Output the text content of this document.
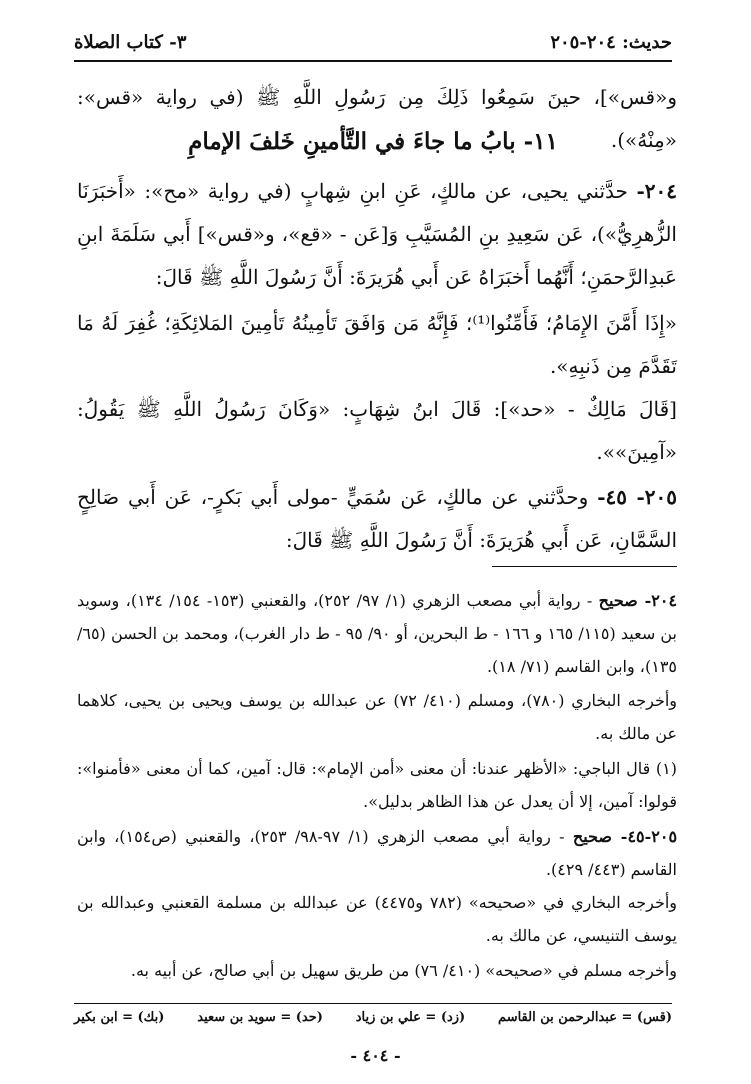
حديث: ٢٠٤-٢٠٥
٣- كتاب الصلاة
و«قس»]، حينَ سَمِعُوا ذَلِكَ مِن رَسُولِ اللَّهِ ﷺ (في رواية «قس»: «مِنْهُ»).
١١- بابُ ما جاءَ في التَّأمينِ خَلفَ الإمامِ
٢٠٤- حدَّثني يحيى، عن مالكٍ، عَنِ ابنِ شِهابٍ (في رواية «مح»: «أَخبَرَنَا الزُّهرِيُّ»)، عَن سَعِيدِ بنِ المُسَيَّبِ وَ[عَن - «قع»، و«قس»] أَبي سَلَمَةَ ابنِ عَبدِالرَّحمَنِ؛ أَنَّهُما أَخبَرَاهُ عَن أَبي هُرَيرَةَ: أَنَّ رَسُولَ اللَّهِ ﷺ قَالَ:
«إِذَا أَمَّنَ الإِمَامُ؛ فَأَمِّنُوا⁽¹⁾؛ فَإِنَّهُ مَن وَافَقَ تَأمِينُهُ تَأمِينَ المَلائِكَةِ؛ غُفِرَ لَهُ مَا تَقَدَّمَ مِن ذَنبِهِ».
[قَالَ مَالِكٌ - «حد»]: قَالَ ابنُ شِهَابٍ: «وَكَانَ رَسُولُ اللَّهِ ﷺ يَقُولُ: «آمِينَ»».
٢٠٥- ٤٥- وحدَّثني عن مالكٍ، عَن سُمَيٍّ -مولى أَبي بَكرٍ-، عَن أَبي صَالِحٍ السَّمَّانِ، عَن أَبي هُرَيرَةَ: أَنَّ رَسُولَ اللَّهِ ﷺ قَالَ:
٢٠٤- صحيح - رواية أبي مصعب الزهري (١/ ٩٧/ ٢٥٢)، والقعنبي (١٥٣- ١٥٤/ ١٣٤)، وسويد بن سعيد (١١٥/ ١٦٥ و ١٦٦ - ط البحرين، أو ٩٠/ ٩٥ - ط دار الغرب)، ومحمد بن الحسن (٦٥/ ١٣٥)، وابن القاسم (٧١/ ١٨).
وأخرجه البخاري (٧٨٠)، ومسلم (٤١٠/ ٧٢) عن عبدالله بن يوسف ويحيى بن يحيى، كلاهما عن مالك به.
(١) قال الباجي: «الأظهر عندنا: أن معنى «أمن الإمام»: قال: آمين، كما أن معنى «فأمنوا»: قولوا: آمين، إلا أن يعدل عن هذا الظاهر بدليل».
٢٠٥-٤٥- صحيح - رواية أبي مصعب الزهري (١/ ٩٧-٩٨/ ٢٥٣)، والقعنبي (ص١٥٤)، وابن القاسم (٤٤٣/ ٤٢٩).
وأخرجه البخاري في «صحيحه» (٧٨٢ و٤٤٧٥) عن عبدالله بن مسلمة القعنبي وعبدالله بن يوسف التنيسي، عن مالك به.
وأخرجه مسلم في «صحيحه» (٤١٠/ ٧٦) من طريق سهيل بن أبي صالح، عن أبيه به.
(قس) = عبدالرحمن بن القاسم
(زد) = علي بن زياد
(حد) = سويد بن سعيد
(بك) = ابن بكير
- ٤٠٤ -
